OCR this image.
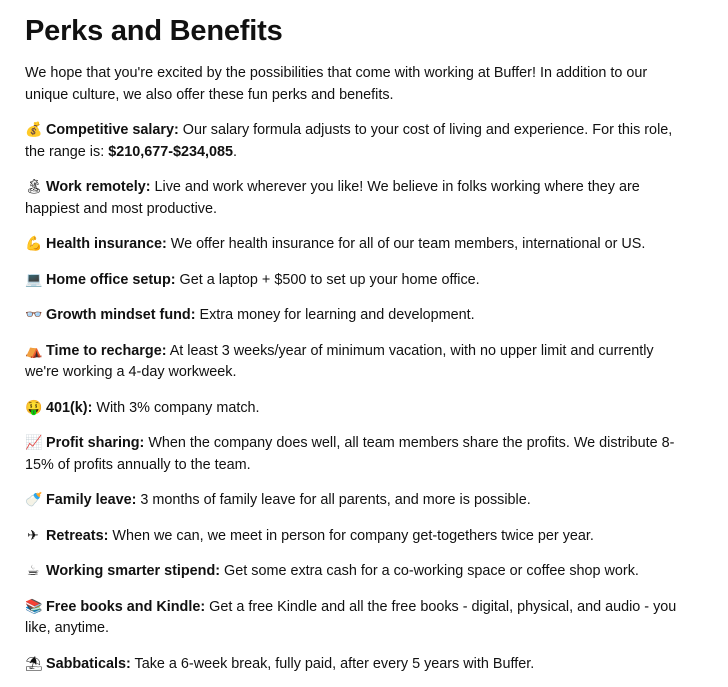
Perks and Benefits

We hope that you're excited by the possibilities that come with working at Buffer! In addition to our unique culture, we also offer these fun perks and benefits.

💰 Competitive salary: Our salary formula adjusts to your cost of living and experience. For this role, the range is: $210,677-$234,085.

🏝 Work remotely: Live and work wherever you like! We believe in folks working where they are happiest and most productive.

💪 Health insurance: We offer health insurance for all of our team members, international or US.

💻 Home office setup: Get a laptop + $500 to set up your home office.

👓 Growth mindset fund: Extra money for learning and development.

⛺ Time to recharge: At least 3 weeks/year of minimum vacation, with no upper limit and currently we're working a 4-day workweek.

🤑 401(k): With 3% company match.

📈 Profit sharing: When the company does well, all team members share the profits. We distribute 8-15% of profits annually to the team.

🍼 Family leave: 3 months of family leave for all parents, and more is possible.

✈ Retreats: When we can, we meet in person for company get-togethers twice per year.

☕ Working smarter stipend: Get some extra cash for a co-working space or coffee shop work.

📚 Free books and Kindle: Get a free Kindle and all the free books - digital, physical, and audio - you like, anytime.

⛱ Sabbaticals: Take a 6-week break, fully paid, after every 5 years with Buffer.
